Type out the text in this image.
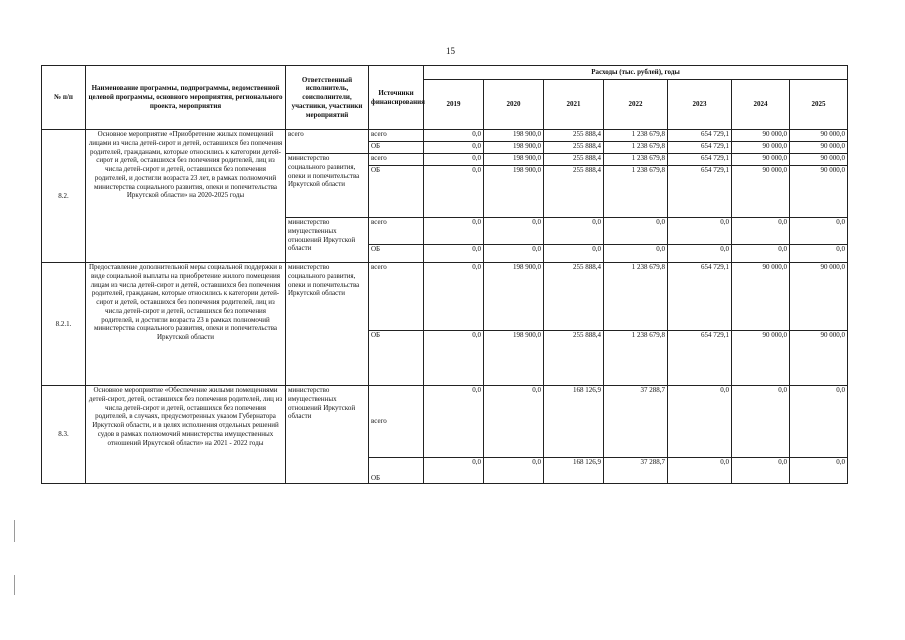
15
№ п/п	Наименование программы, подпрограммы, ведомственной целевой программы, основного мероприятия, регионального проекта, мероприятия	Ответственный исполнитель, соисполнители, участники, участники мероприятий	Источники финансирования	Расходы (тыс. рублей), годы						
				2019	2020	2021	2022	2023	2024	2025
8.2.	Основное мероприятие «Приобретение жилых помещений лицами из числа детей-сирот и детей, оставшихся без попечения родителей, гражданами, которые относились к категории детей-сирот и детей, оставшихся без попечения родителей, лиц из числа детей-сирот и детей, оставшихся без попечения родителей, и достигли возраста 23 лет, в рамках полномочий министерства социального развития, опеки и попечительства Иркутской области» на 2020-2025 годы	всего	всего	0,0	198 900,0	255 888,4	1 238 679,8	654 729,1	90 000,0	90 000,0
			ОБ	0,0	198 900,0	255 888,4	1 238 679,8	654 729,1	90 000,0	90 000,0
		министерство социального развития, опеки и попечительства Иркутской области	всего	0,0	198 900,0	255 888,4	1 238 679,8	654 729,1	90 000,0	90 000,0
			ОБ	0,0	198 900,0	255 888,4	1 238 679,8	654 729,1	90 000,0	90 000,0
		министерство имущественных отношений Иркутской области	всего	0,0	0,0	0,0	0,0	0,0	0,0	0,0
			ОБ	0,0	0,0	0,0	0,0	0,0	0,0	0,0
8.2.1.	Предоставление дополнительной меры социальной поддержки в виде социальной выплаты на приобретение жилого помещения лицам из числа детей-сирот и детей, оставшихся без попечения родителей, гражданам, которые относились к категории детей-сирот и детей, оставшихся без попечения родителей, лиц из числа детей-сирот и детей, оставшихся без попечения родителей, и достигли возраста 23 в рамках полномочий министерства социального развития, опеки и попечительства Иркутской области	министерство социального развития, опеки и попечительства Иркутской области	всего	0,0	198 900,0	255 888,4	1 238 679,8	654 729,1	90 000,0	90 000,0
			ОБ	0,0	198 900,0	255 888,4	1 238 679,8	654 729,1	90 000,0	90 000,0
8.3.	Основное мероприятие «Обеспечение жилыми помещениями детей-сирот, детей, оставшихся без попечения родителей, лиц из числа детей-сирот и детей, оставшихся без попечения родителей, в случаях, предусмотренных указом Губернатора Иркутской области, и в целях исполнения отдельных решений судов в рамках полномочий министерства имущественных отношений Иркутской области» на 2021 - 2022 годы	министерство имущественных отношений Иркутской области	всего	0,0	0,0	168 126,9	37 288,7	0,0	0,0	0,0
			ОБ	0,0	0,0	168 126,9	37 288,7	0,0	0,0	0,0
